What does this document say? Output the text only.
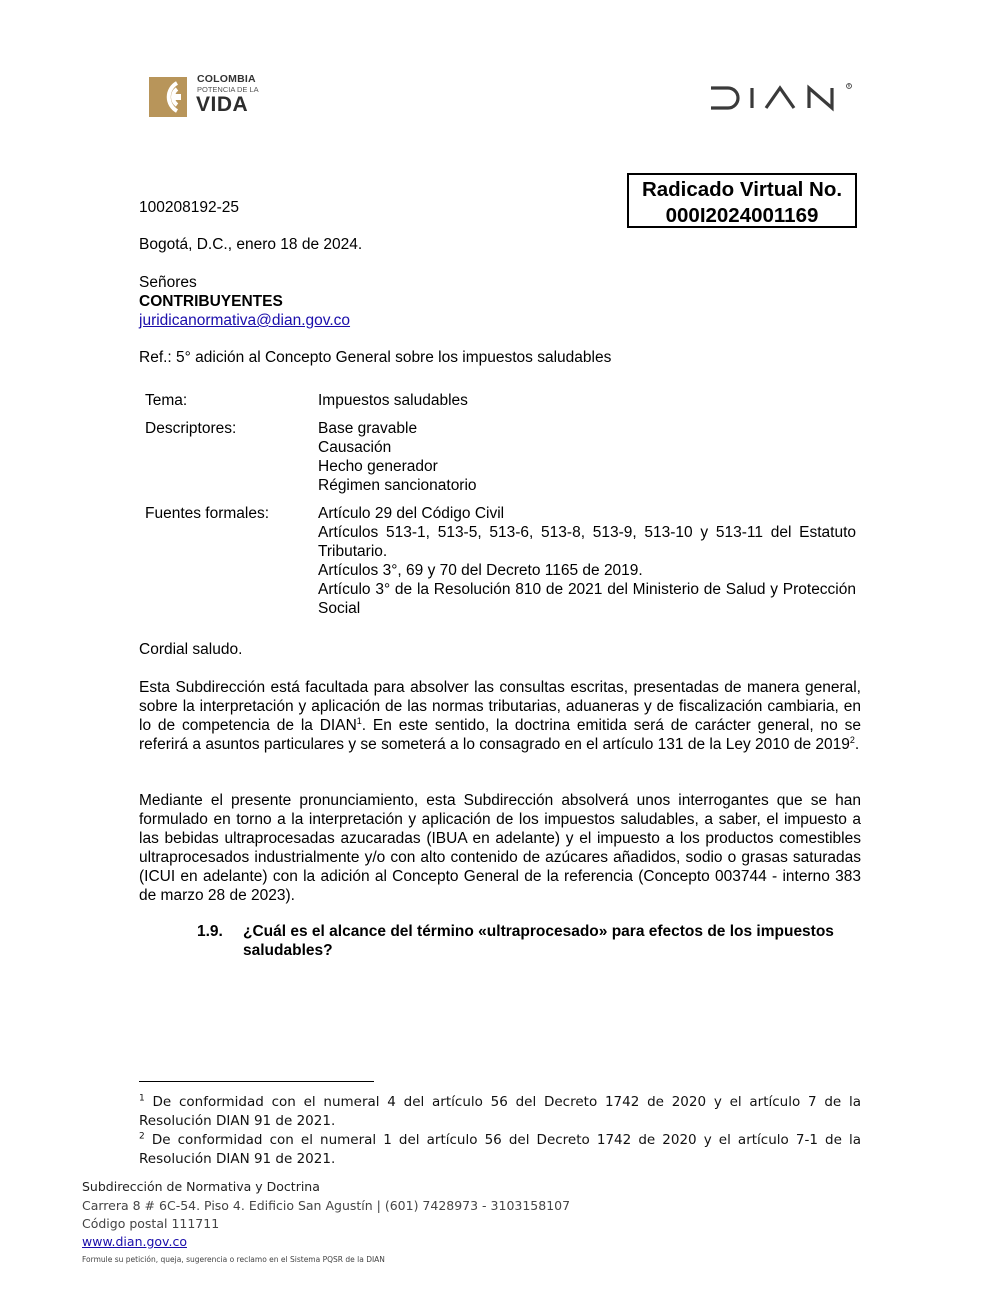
COLOMBIA
POTENCIA DE LA
VIDA
R
Radicado Virtual No.
000I2024001169
100208192-25
Bogotá, D.C., enero 18 de 2024.
Señores
CONTRIBUYENTES
juridicanormativa@dian.gov.co
Ref.: 5° adición al Concepto General sobre los impuestos saludables
Tema:	Impuestos saludables
Descriptores:	Base gravable
Causación
Hecho generador
Régimen sancionatorio
Fuentes formales:	Artículo 29 del Código Civil
Artículos 513-1, 513-5, 513-6, 513-8, 513-9, 513-10 y 513-11 del Estatuto Tributario.
Artículos 3°, 69 y 70 del Decreto 1165 de 2019.
Artículo 3° de la Resolución 810 de 2021 del Ministerio de Salud y Protección Social
Cordial saludo.
Esta Subdirección está facultada para absolver las consultas escritas, presentadas de manera general, sobre la interpretación y aplicación de las normas tributarias, aduaneras y de fiscalización cambiaria, en lo de competencia de la DIAN$^1$. En este sentido, la doctrina emitida será de carácter general, no se referirá a asuntos particulares y se someterá a lo consagrado en el artículo 131 de la Ley 2010 de 2019$^2$.
Mediante el presente pronunciamiento, esta Subdirección absolverá unos interrogantes que se han formulado en torno a la interpretación y aplicación de los impuestos saludables, a saber, el impuesto a las bebidas ultraprocesadas azucaradas (IBUA en adelante) y el impuesto a los productos comestibles ultraprocesados industrialmente y/o con alto contenido de azúcares añadidos, sodio o grasas saturadas (ICUI en adelante) con la adición al Concepto General de la referencia (Concepto 003744 - interno 383 de marzo 28 de 2023).
1.9. ¿Cuál es el alcance del término «ultraprocesado» para efectos de los impuestos saludables?
$^1$ De conformidad con el numeral 4 del artículo 56 del Decreto 1742 de 2020 y el artículo 7 de la Resolución DIAN 91 de 2021.
$^2$ De conformidad con el numeral 1 del artículo 56 del Decreto 1742 de 2020 y el artículo 7-1 de la Resolución DIAN 91 de 2021.
Subdirección de Normativa y Doctrina
Carrera 8 # 6C-54. Piso 4. Edificio San Agustín | (601) 7428973 - 3103158107
Código postal 111711
www.dian.gov.co
Formule su petición, queja, sugerencia o reclamo en el Sistema PQSR de la DIAN
